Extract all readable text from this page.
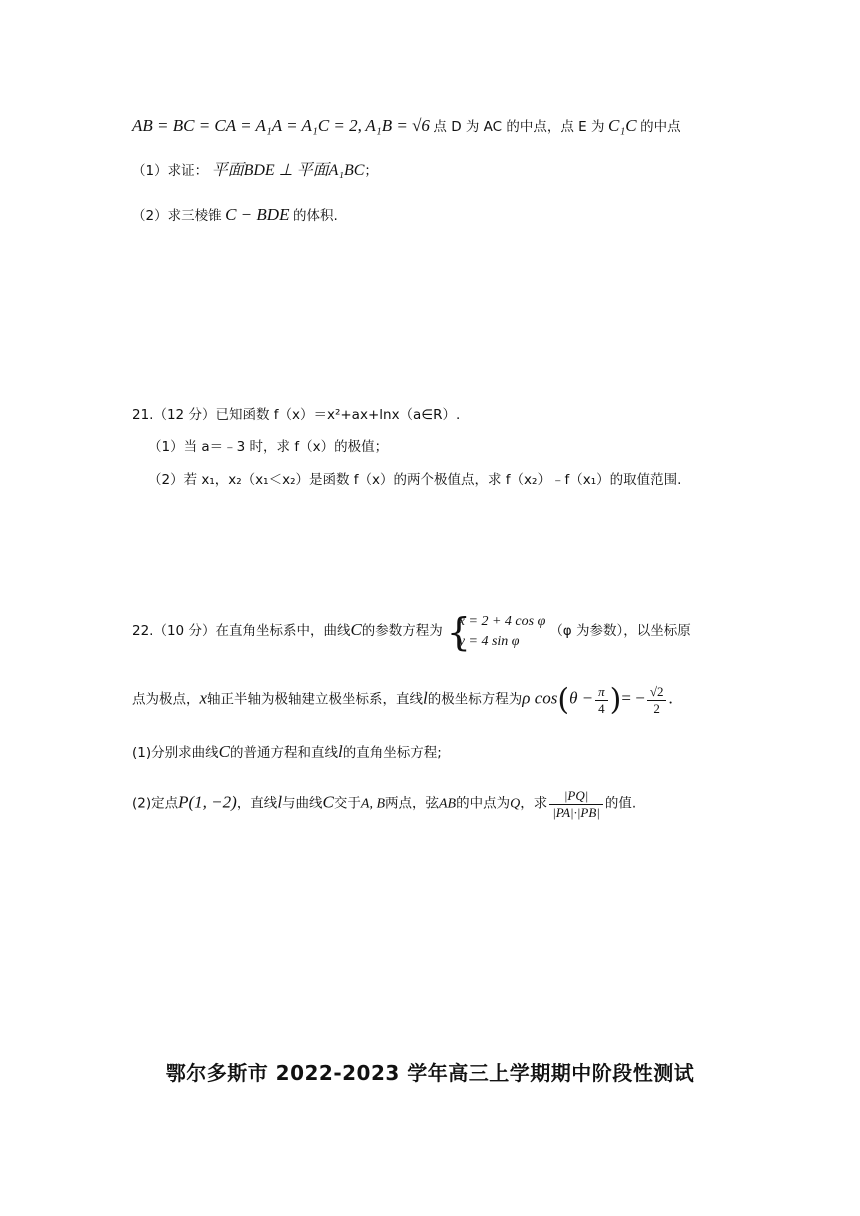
AB = BC = CA = A₁A = A₁C = 2, A₁B = √6 点 D 为 AC 的中点，点 E 为 C₁C 的中点
（1）求证： 平面BDE ⊥ 平面A₁BC；
（2）求三棱锥 C − BDE 的体积.
21.（12 分）已知函数 f（x）＝x²+ax+lnx（a∈R）.
（1）当 a＝﹣3 时，求 f（x）的极值；
（2）若 x₁，x₂（x₁＜x₂）是函数 f（x）的两个极值点，求 f（x₂）﹣f（x₁）的取值范围.
22.（10 分）在直角坐标系中，曲线C的参数方程为 {
x = 2 + 4 cos φ
y = 4 sin φ
（φ 为参数），以坐标原
点为极点，x轴正半轴为极轴建立极坐标系，直线l的极坐标方程为ρ $\cos(\theta - \frac{\pi}{4}$ )= − $\frac{√2}{2}$ .
(1)分别求曲线C的普通方程和直线l的直角坐标方程;
(2)定点P(1, −2)，直线l与曲线C交于A, B两点，弦AB的中点为Q，求 $\frac{|PQ|}{|PA|\cdot|PB|}$ 的值.
鄂尔多斯市 2022-2023 学年高三上学期期中阶段性测试
